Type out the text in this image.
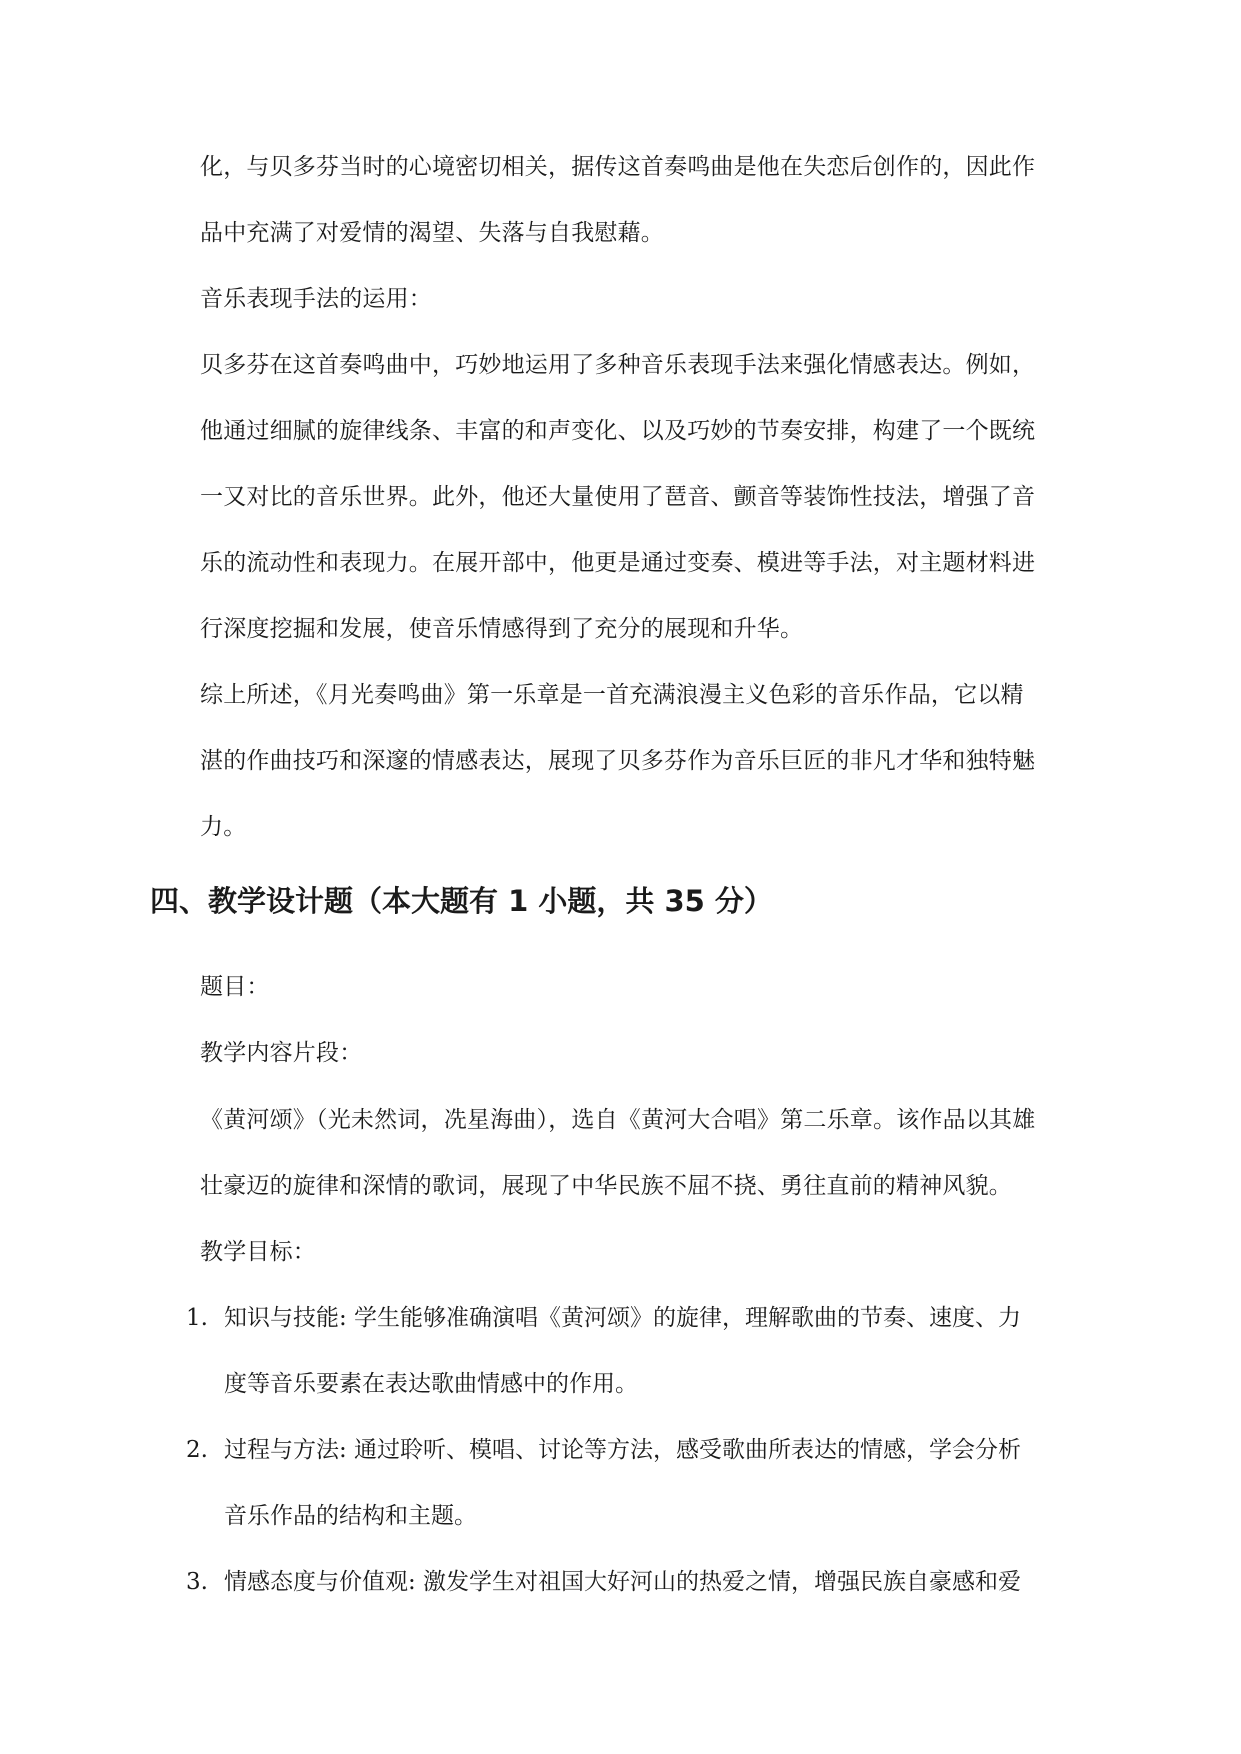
化，与贝多芬当时的心境密切相关，据传这首奏鸣曲是他在失恋后创作的，因此作
品中充满了对爱情的渴望、失落与自我慰藉。
音乐表现手法的运用：
贝多芬在这首奏鸣曲中，巧妙地运用了多种音乐表现手法来强化情感表达。例如，
他通过细腻的旋律线条、丰富的和声变化、以及巧妙的节奏安排，构建了一个既统
一又对比的音乐世界。此外，他还大量使用了琶音、颤音等装饰性技法，增强了音
乐的流动性和表现力。在展开部中，他更是通过变奏、模进等手法，对主题材料进
行深度挖掘和发展，使音乐情感得到了充分的展现和升华。
综上所述，《月光奏鸣曲》第一乐章是一首充满浪漫主义色彩的音乐作品，它以精
湛的作曲技巧和深邃的情感表达，展现了贝多芬作为音乐巨匠的非凡才华和独特魅
力。
四、教学设计题（本大题有 1 小题，共 35 分）
题目：
教学内容片段：
《黄河颂》（光未然词，冼星海曲），选自《黄河大合唱》第二乐章。该作品以其雄
壮豪迈的旋律和深情的歌词，展现了中华民族不屈不挠、勇往直前的精神风貌。
教学目标：
1. 知识与技能: 学生能够准确演唱《黄河颂》的旋律，理解歌曲的节奏、速度、力
度等音乐要素在表达歌曲情感中的作用。
2. 过程与方法: 通过聆听、模唱、讨论等方法，感受歌曲所表达的情感，学会分析
音乐作品的结构和主题。
3. 情感态度与价值观: 激发学生对祖国大好河山的热爱之情，增强民族自豪感和爱
